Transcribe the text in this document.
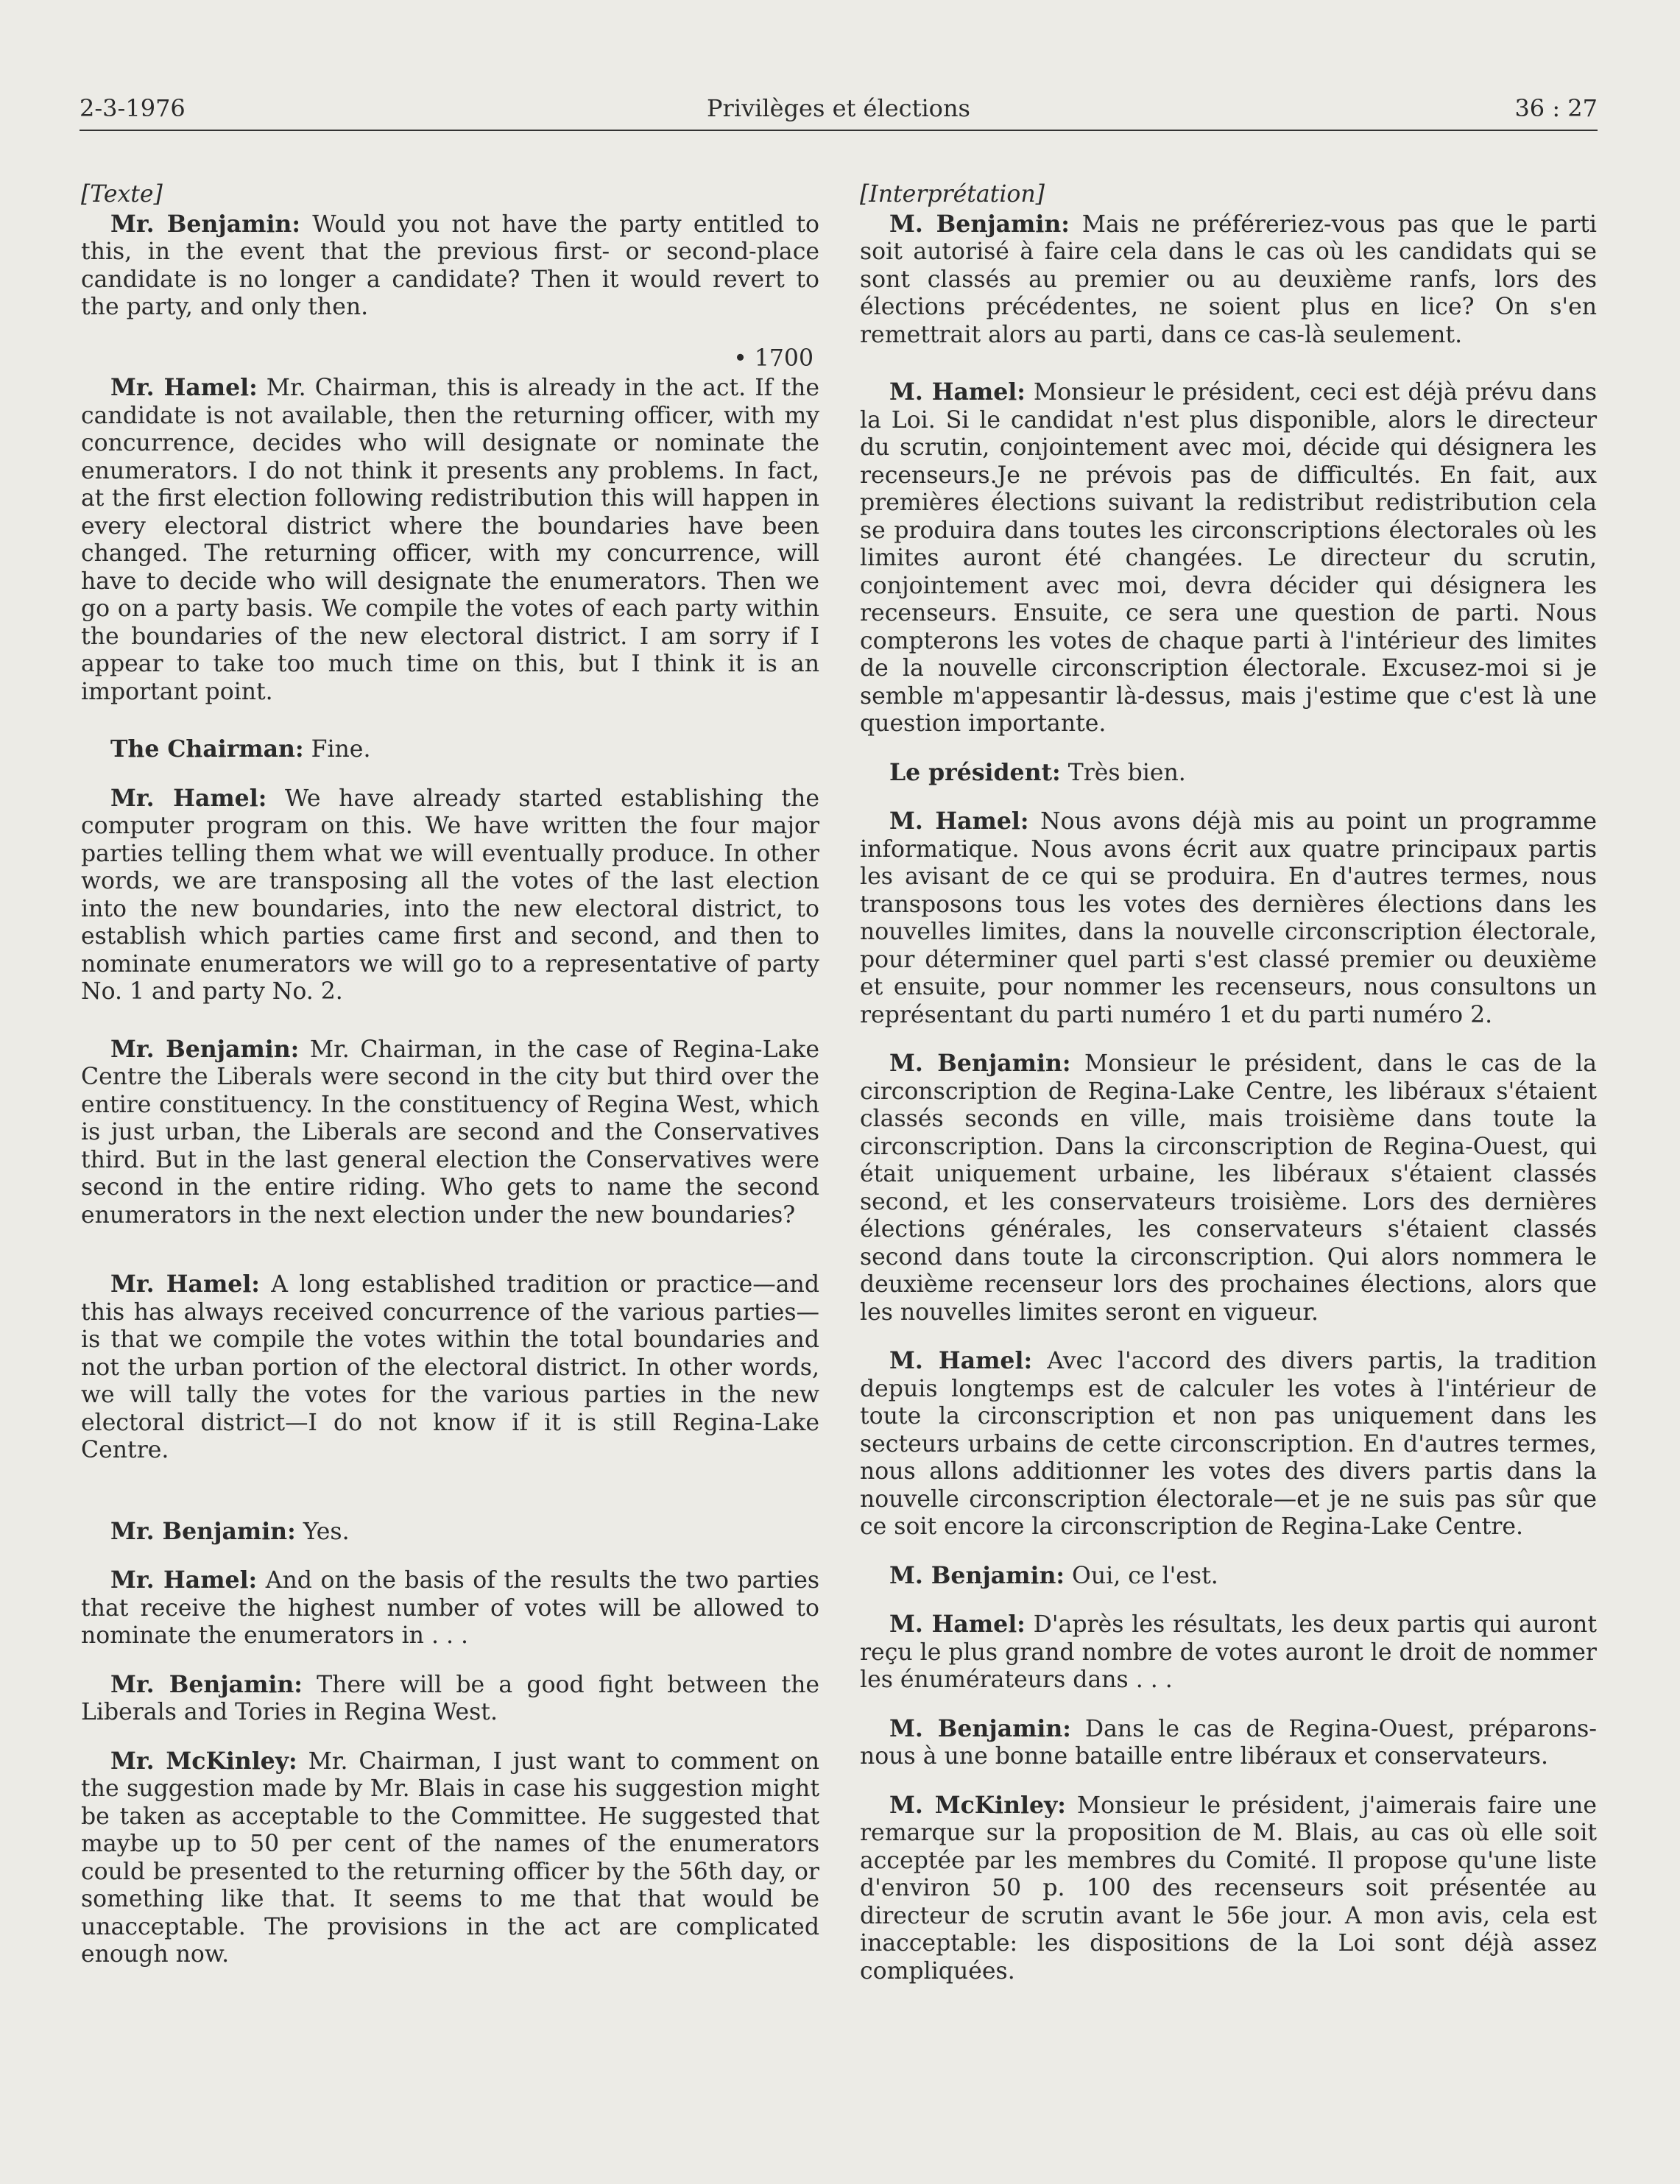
2-3-1976	Privilèges et élections	36 : 27
[Texte]

Mr. Benjamin: Would you not have the party entitled to this, in the event that the previous first- or second-place candidate is no longer a candidate? Then it would revert to the party, and only then.

• 1700

Mr. Hamel: Mr. Chairman, this is already in the act. If the candidate is not available, then the returning officer, with my concurrence, decides who will designate or nominate the enumerators. I do not think it presents any problems. In fact, at the first election following redistribution this will happen in every electoral district where the boundaries have been changed. The returning officer, with my concurrence, will have to decide who will designate the enumerators. Then we go on a party basis. We compile the votes of each party within the boundaries of the new electoral district. I am sorry if I appear to take too much time on this, but I think it is an important point.

The Chairman: Fine.

Mr. Hamel: We have already started establishing the computer program on this. We have written the four major parties telling them what we will eventually produce. In other words, we are transposing all the votes of the last election into the new boundaries, into the new electoral district, to establish which parties came first and second, and then to nominate enumerators we will go to a representative of party No. 1 and party No. 2.

Mr. Benjamin: Mr. Chairman, in the case of Regina-Lake Centre the Liberals were second in the city but third over the entire constituency. In the constituency of Regina West, which is just urban, the Liberals are second and the Conservatives third. But in the last general election the Conservatives were second in the entire riding. Who gets to name the second enumerators in the next election under the new boundaries?

Mr. Hamel: A long established tradition or practice—and this has always received concurrence of the various parties—is that we compile the votes within the total boundaries and not the urban portion of the electoral district. In other words, we will tally the votes for the various parties in the new electoral district—I do not know if it is still Regina-Lake Centre.

Mr. Benjamin: Yes.

Mr. Hamel: And on the basis of the results the two parties that receive the highest number of votes will be allowed to nominate the enumerators in . . .

Mr. Benjamin: There will be a good fight between the Liberals and Tories in Regina West.

Mr. McKinley: Mr. Chairman, I just want to comment on the suggestion made by Mr. Blais in case his suggestion might be taken as acceptable to the Committee. He suggested that maybe up to 50 per cent of the names of the enumerators could be presented to the returning officer by the 56th day, or something like that. It seems to me that that would be unacceptable. The provisions in the act are complicated enough now.

[Interprétation]

M. Benjamin: Mais ne préféreriez-vous pas que le parti soit autorisé à faire cela dans le cas où les candidats qui se sont classés au premier ou au deuxième ranfs, lors des élections précédentes, ne soient plus en lice? On s'en remettrait alors au parti, dans ce cas-là seulement.

M. Hamel: Monsieur le président, ceci est déjà prévu dans la Loi. Si le candidat n'est plus disponible, alors le directeur du scrutin, conjointement avec moi, décide qui désignera les recenseurs.Je ne prévois pas de difficultés. En fait, aux premières élections suivant la redistribut redistribution cela se produira dans toutes les circonscriptions électorales où les limites auront été changées. Le directeur du scrutin, conjointement avec moi, devra décider qui désignera les recenseurs. Ensuite, ce sera une question de parti. Nous compterons les votes de chaque parti à l'intérieur des limites de la nouvelle circonscription électorale. Excusez-moi si je semble m'appesantir là-dessus, mais j'estime que c'est là une question importante.

Le président: Très bien.

M. Hamel: Nous avons déjà mis au point un programme informatique. Nous avons écrit aux quatre principaux partis les avisant de ce qui se produira. En d'autres termes, nous transposons tous les votes des dernières élections dans les nouvelles limites, dans la nouvelle circonscription électorale, pour déterminer quel parti s'est classé premier ou deuxième et ensuite, pour nommer les recenseurs, nous consultons un représentant du parti numéro 1 et du parti numéro 2.

M. Benjamin: Monsieur le président, dans le cas de la circonscription de Regina-Lake Centre, les libéraux s'étaient classés seconds en ville, mais troisième dans toute la circonscription. Dans la circonscription de Regina-Ouest, qui était uniquement urbaine, les libéraux s'étaient classés second, et les conservateurs troisième. Lors des dernières élections générales, les conservateurs s'étaient classés second dans toute la circonscription. Qui alors nommera le deuxième recenseur lors des prochaines élections, alors que les nouvelles limites seront en vigueur.

M. Hamel: Avec l'accord des divers partis, la tradition depuis longtemps est de calculer les votes à l'intérieur de toute la circonscription et non pas uniquement dans les secteurs urbains de cette circonscription. En d'autres termes, nous allons additionner les votes des divers partis dans la nouvelle circonscription électorale—et je ne suis pas sûr que ce soit encore la circonscription de Regina-Lake Centre.

M. Benjamin: Oui, ce l'est.

M. Hamel: D'après les résultats, les deux partis qui auront reçu le plus grand nombre de votes auront le droit de nommer les énumérateurs dans . . .

M. Benjamin: Dans le cas de Regina-Ouest, préparons-nous à une bonne bataille entre libéraux et conservateurs.

M. McKinley: Monsieur le président, j'aimerais faire une remarque sur la proposition de M. Blais, au cas où elle soit acceptée par les membres du Comité. Il propose qu'une liste d'environ 50 p. 100 des recenseurs soit présentée au directeur de scrutin avant le 56e jour. A mon avis, cela est inacceptable: les dispositions de la Loi sont déjà assez compliquées.
